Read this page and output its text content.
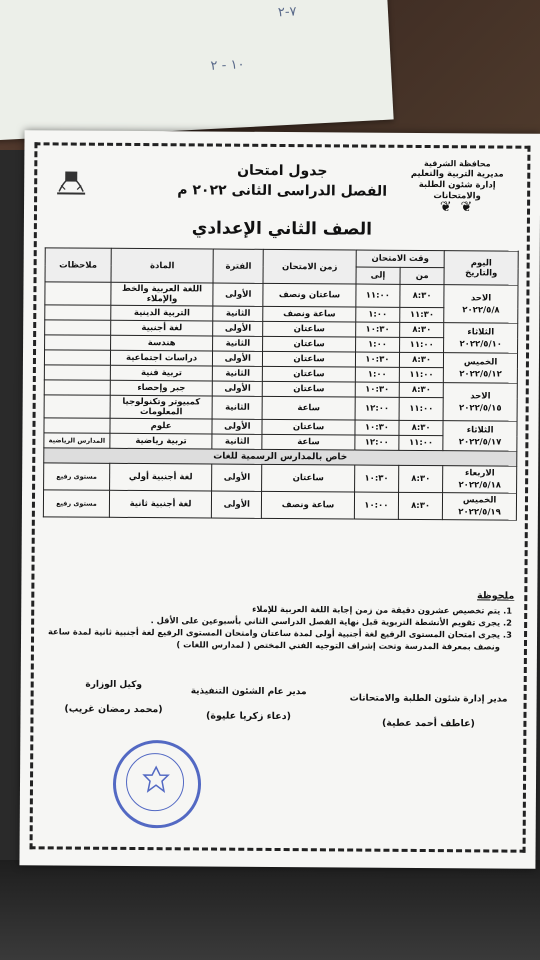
۲-۷
۲ - ۱۰
محافظة الشرقية
مديرية التربية والتعليم
إدارة شئون الطلبة والامتحانات
❦ ❦
جدول امتحان
الفصل الدراسى الثانى ٢٠٢٢ م
الصف الثاني الإعدادي
اليوم
والتاريخ	وقت الامتحان		زمن الامتحان	الفترة	المادة	ملاحظات
	من	إلى				

الاحد
٢٠٢٢/٥/٨	٨:٣٠	١١:٠٠	ساعتان ونصف	الأولى	اللغة العربية والخط والإملاء	
	١١:٣٠	١:٠٠	ساعة ونصف	الثانية	التربية الدينية	

الثلاثاء
٢٠٢٢/٥/١٠	٨:٣٠	١٠:٣٠	ساعتان	الأولى	لغة أجنبية	
	١١:٠٠	١:٠٠	ساعتان	الثانية	هندسة	

الخميس
٢٠٢٢/٥/١٢	٨:٣٠	١٠:٣٠	ساعتان	الأولى	دراسات اجتماعية	
	١١:٠٠	١:٠٠	ساعتان	الثانية	تربية فنية	

الاحد
٢٠٢٢/٥/١٥	٨:٣٠	١٠:٣٠	ساعتان	الأولى	جبر وإحصاء	
	١١:٠٠	١٢:٠٠	ساعة	الثانية	كمبيوتر وتكنولوجيا المعلومات	

الثلاثاء
٢٠٢٢/٥/١٧	٨:٣٠	١٠:٣٠	ساعتان	الأولى	علوم	
	١١:٠٠	١٢:٠٠	ساعة	الثانية	تربية رياضية	المدارس الرياضية
خاص بالمدارس الرسمية للغات						

الاربعاء
٢٠٢٢/٥/١٨	٨:٣٠	١٠:٣٠	ساعتان	الأولى	لغة أجنبية أولي	مستوى رفيع

الخميس
٢٠٢٢/٥/١٩	٨:٣٠	١٠:٠٠	ساعة ونصف	الأولى	لغة أجنبية ثانية	مستوى رفيع
ملحوظة
1. يتم تخصيص عشرون دقيقة من زمن إجابة اللغة العربية للإملاء
2. يجرى تقويم الأنشطة التربوية قبل نهاية الفصل الدراسي الثاني بأسبوعين على الأقل .
3. يجرى امتحان المستوى الرفيع لغة أجنبية أولى لمدة ساعتان وامتحان المستوى الرفيع لغة أجنبية ثانية لمدة ساعة ونصف بمعرفة المدرسة وتحت إشراف التوجيه الفني المختص ( لمدارس اللغات )
مدير إدارة شئون الطلبة والامتحانات
(عاطف أحمد عطية)
مدير عام الشئون التنفيذية
(دعاء زكريا عليوة)
وكيل الوزارة
(محمد رمضان غريب)
